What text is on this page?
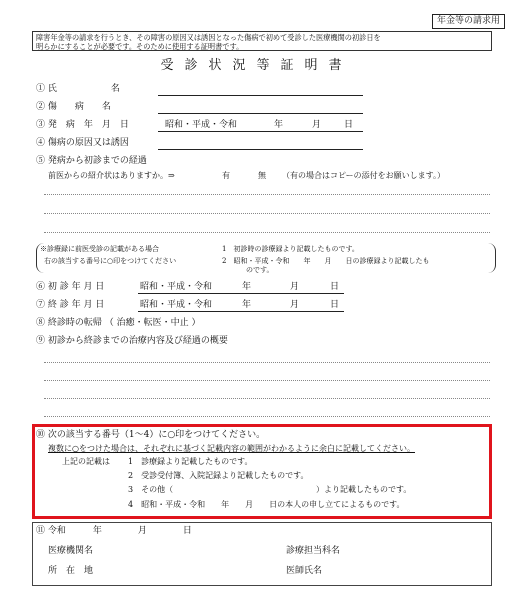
年金等の請求用
障害年金等の請求を行うとき、その障害の原因又は誘因となった傷病で初めて受診した医療機関の初診日を
明らかにすることが必要です。そのために使用する証明書です。
受診状況等証明書
① 氏　　　　　　名
② 傷　　病　　名
③ 発　病　年　月　日	昭和・平成・令和	年	月	日
④ 傷病の原因又は誘因
⑤ 発病から初診までの経過
前医からの紹介状はありますか。⇒	有	無 （有の場合はコピーの添付をお願いします。）
※診療録に前医受診の記載がある場合
右の該当する番号に○印をつけてください
1　初診時の診療録より記載したものです。
2　昭和・平成・令和　　年　　月　　日の診療録より記載したも
のです。
⑥ 初 診 年 月 日	昭和・平成・令和	年	月	日
⑦ 終 診 年 月 日	昭和・平成・令和	年	月	日
⑧ 終診時の転帰 （ 治癒・転医・中止 ）
⑨ 初診から終診までの治療内容及び経過の概要
⑩ 次の該当する番号（1～4）に○印をつけてください。
複数に○をつけた場合は、それぞれに基づく記載内容の範囲がわかるように余白に記載してください。
上記の記載は 1　診療録より記載したものです。
2　受診受付簿、入院記録より記載したものです。
3　その他（	）より記載したものです。
4　昭和・平成・令和　　年　　月　　日の本人の申し立てによるものです。
⑪ 令和　　　年　　　　月　　　　日
医療機関名	診療担当科名
所　在　地	医師氏名
